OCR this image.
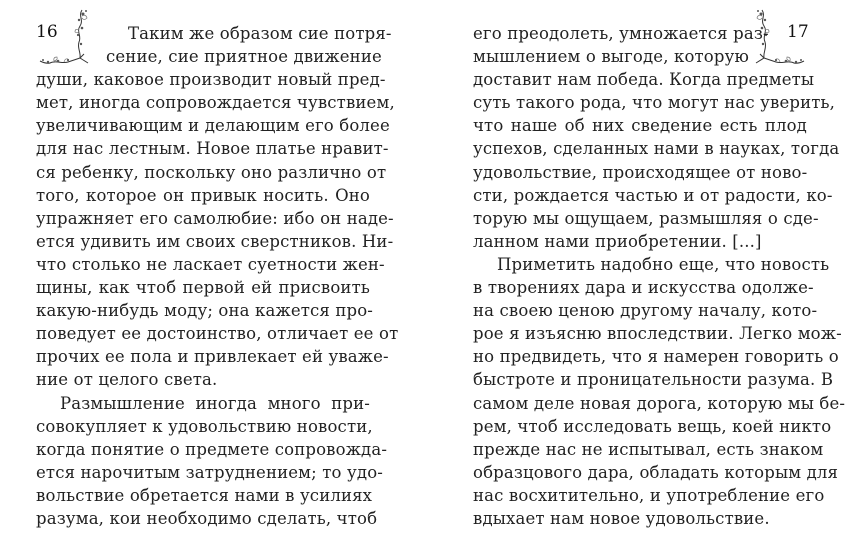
16	Таким же образом сие потря-
сение, сие приятное движение
души, каковое производит новый пред-
мет, иногда сопровождается чувствием,
увеличивающим и делающим его более
для нас лестным. Новое платье нравит-
ся ребенку, поскольку оно различно от
того, которое он привык носить. Оно
упражняет его самолюбие: ибо он наде-
ется удивить им своих сверстников. Ни-
что столько не ласкает суетности жен-
щины, как чтоб первой ей присвоить
какую-нибудь моду; она кажется про-
поведует ее достоинство, отличает ее от
прочих ее пола и привлекает ей уваже-
ние от целого света.
Размышление иногда много при-
совокупляет к удовольствию новости,
когда понятие о предмете сопровожда-
ется нарочитым затруднением; то удо-
вольствие обретается нами в усилиях
разума, кои необходимо сделать, чтоб
17
его преодолеть, умножается раз-
мышлением о выгоде, которую
доставит нам победа. Когда предметы
суть такого рода, что могут нас уверить,
что наше об них сведение есть плод
успехов, сделанных нами в науках, тогда
удовольствие, происходящее от ново-
сти, рождается частью и от радости, ко-
торую мы ощущаем, размышляя о сде-
ланном нами приобретении. [...]
Приметить надобно еще, что новость
в творениях дара и искусства одолже-
на своею ценою другому началу, кото-
рое я изъясню впоследствии. Легко мож-
но предвидеть, что я намерен говорить о
быстроте и проницательности разума. В
самом деле новая дорога, которую мы бе-
рем, чтоб исследовать вещь, коей никто
прежде нас не испытывал, есть знаком
образцового дара, обладать которым для
нас восхитительно, и употребление его
вдыхает нам новое удовольствие.
